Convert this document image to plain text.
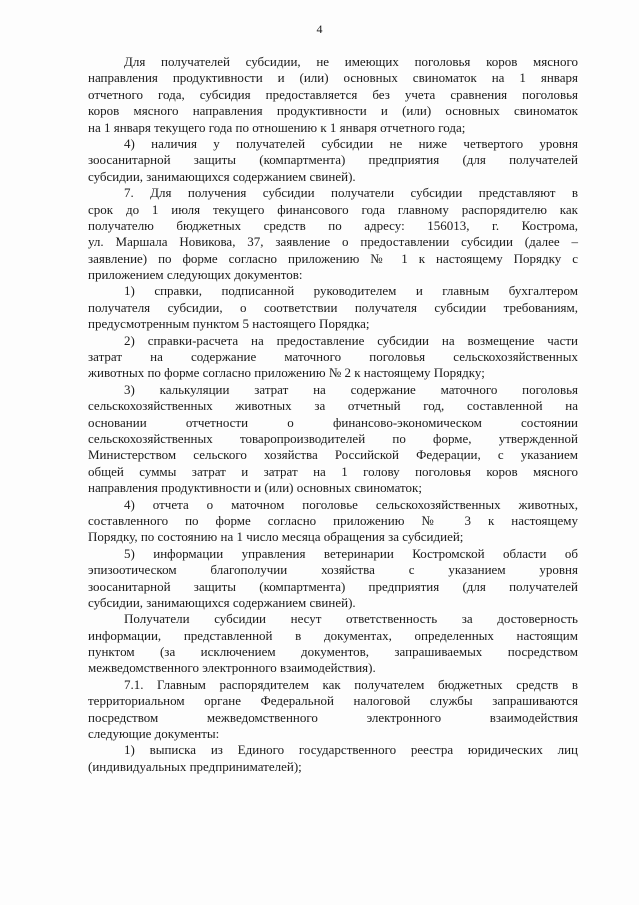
4
Для получателей субсидии, не имеющих поголовья коров мясного
направления продуктивности и (или) основных свиноматок на 1 января
отчетного года, субсидия предоставляется без учета сравнения поголовья
коров мясного направления продуктивности и (или) основных свиноматок
на 1 января текущего года по отношению к 1 января отчетного года;
4) наличия у получателей субсидии не ниже четвертого уровня
зоосанитарной защиты (компартмента) предприятия (для получателей
субсидии, занимающихся содержанием свиней).
7. Для получения субсидии получатели субсидии представляют в
срок до 1 июля текущего финансового года главному распорядителю как
получателю бюджетных средств по адресу: 156013, г. Кострома,
ул. Маршала Новикова, 37, заявление о предоставлении субсидии (далее –
заявление) по форме согласно приложению № 1 к настоящему Порядку с
приложением следующих документов:
1) справки, подписанной руководителем и главным бухгалтером
получателя субсидии, о соответствии получателя субсидии требованиям,
предусмотренным пунктом 5 настоящего Порядка;
2) справки-расчета на предоставление субсидии на возмещение части
затрат на содержание маточного поголовья сельскохозяйственных
животных по форме согласно приложению № 2 к настоящему Порядку;
3) калькуляции затрат на содержание маточного поголовья
сельскохозяйственных животных за отчетный год, составленной на
основании отчетности о финансово-экономическом состоянии
сельскохозяйственных товаропроизводителей по форме, утвержденной
Министерством сельского хозяйства Российской Федерации, с указанием
общей суммы затрат и затрат на 1 голову поголовья коров мясного
направления продуктивности и (или) основных свиноматок;
4) отчета о маточном поголовье сельскохозяйственных животных,
составленного по форме согласно приложению № 3 к настоящему
Порядку, по состоянию на 1 число месяца обращения за субсидией;
5) информации управления ветеринарии Костромской области об
эпизоотическом благополучии хозяйства с указанием уровня
зоосанитарной защиты (компартмента) предприятия (для получателей
субсидии, занимающихся содержанием свиней).
Получатели субсидии несут ответственность за достоверность
информации, представленной в документах, определенных настоящим
пунктом (за исключением документов, запрашиваемых посредством
межведомственного электронного взаимодействия).
7.1. Главным распорядителем как получателем бюджетных средств в
территориальном органе Федеральной налоговой службы запрашиваются
посредством межведомственного электронного взаимодействия
следующие документы:
1) выписка из Единого государственного реестра юридических лиц
(индивидуальных предпринимателей);
